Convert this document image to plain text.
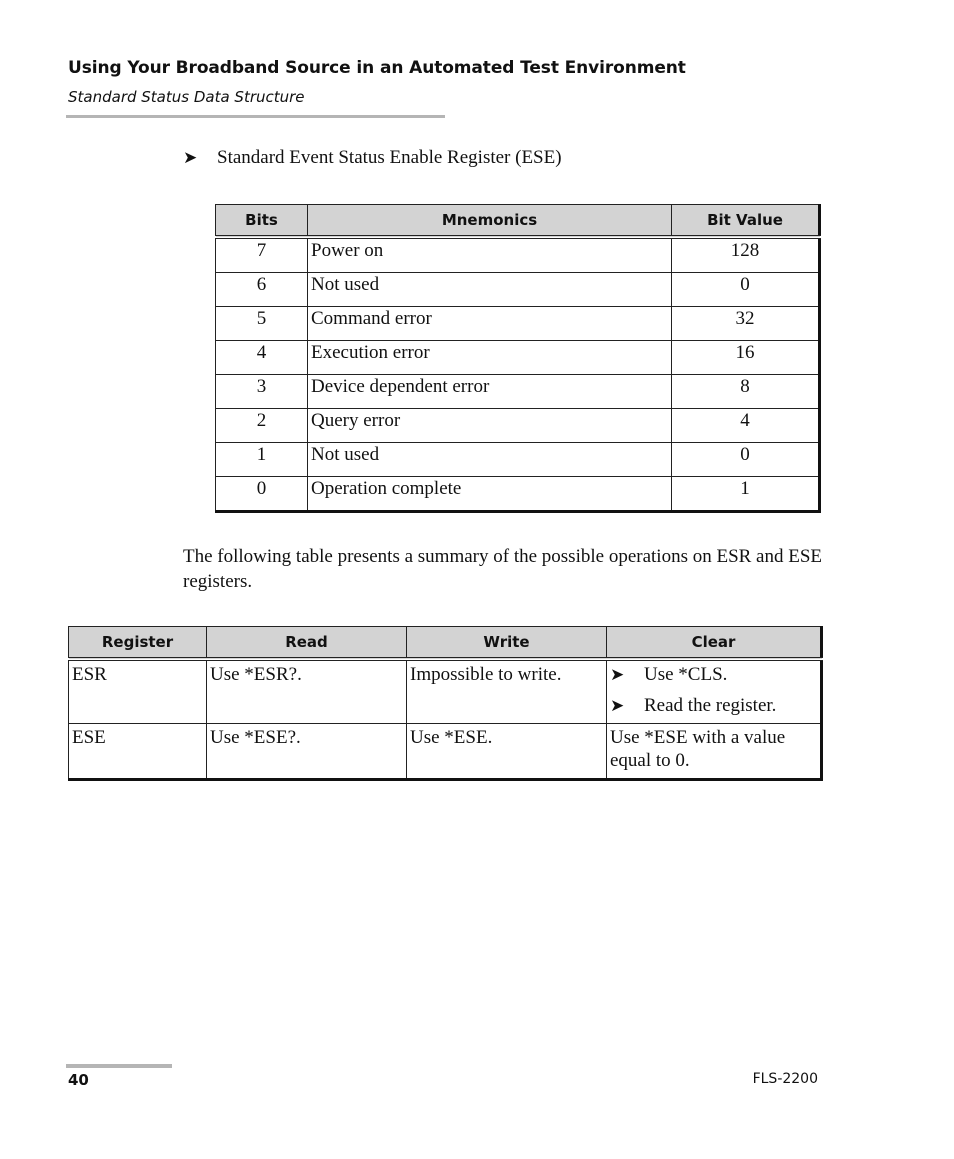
Using Your Broadband Source in an Automated Test Environment
Standard Status Data Structure
➤ Standard Event Status Enable Register (ESE)
Bits	Mnemonics	Bit Value
7	Power on	128
6	Not used	0
5	Command error	32
4	Execution error	16
3	Device dependent error	8
2	Query error	4
1	Not used	0
0	Operation complete	1
The following table presents a summary of the possible operations on ESR and ESE registers.
Register	Read	Write	Clear
ESR	Use *ESR?.	Impossible to write.	➤ Use *CLS.
➤ Read the register.

ESE	Use *ESE?.	Use *ESE.	Use *ESE with a value equal to 0.
40	FLS-2200
